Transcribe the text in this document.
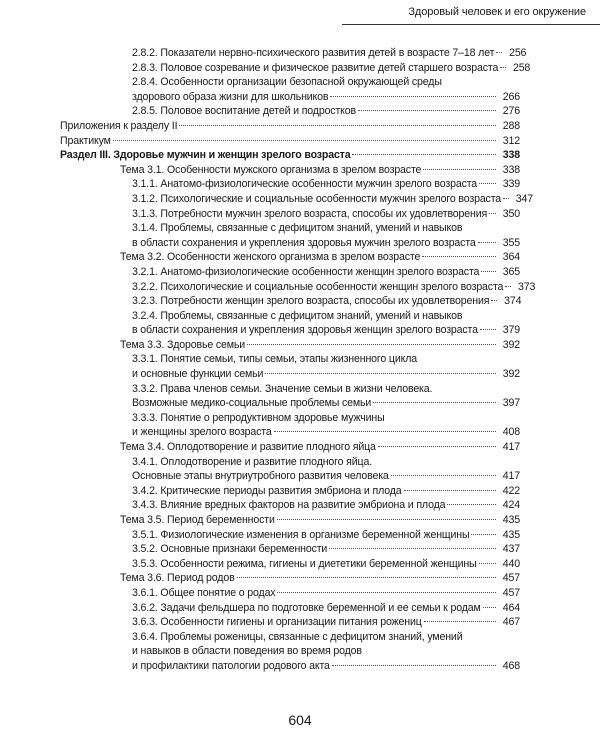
Здоровый человек и его окружение
2.8.2. Показатели нервно-психического развития детей в возрасте 7–18 лет	256
2.8.3. Половое созревание и физическое развитие детей старшего возраста	258
2.8.4. Особенности организации безопасной окружающей среды
здорового образа жизни для школьников	266
2.8.5. Половое воспитание детей и подростков	276
Приложения к разделу II	288
Практикум	312
Раздел III. Здоровье мужчин и женщин зрелого возраста	338
Тема 3.1. Особенности мужского организма в зрелом возрасте	338
3.1.1. Анатомо-физиологические особенности мужчин зрелого возраста	339
3.1.2. Психологические и социальные особенности мужчин зрелого возраста	347
3.1.3. Потребности мужчин зрелого возраста, способы их удовлетворения	350
3.1.4. Проблемы, связанные с дефицитом знаний, умений и навыков
в области сохранения и укрепления здоровья мужчин зрелого возраста	355
Тема 3.2. Особенности женского организма в зрелом возрасте	364
3.2.1. Анатомо-физиологические особенности женщин зрелого возраста	365
3.2.2. Психологические и социальные особенности женщин зрелого возраста	373
3.2.3. Потребности женщин зрелого возраста, способы их удовлетворения	374
3.2.4. Проблемы, связанные с дефицитом знаний, умений и навыков
в области сохранения и укрепления здоровья женщин зрелого возраста	379
Тема 3.3. Здоровье семьи	392
3.3.1. Понятие семьи, типы семьи, этапы жизненного цикла
и основные функции семьи	392
3.3.2. Права членов семьи. Значение семьи в жизни человека.
Возможные медико-социальные проблемы семьи	397
3.3.3. Понятие о репродуктивном здоровье мужчины
и женщины зрелого возраста	408
Тема 3.4. Оплодотворение и развитие плодного яйца	417
3.4.1. Оплодотворение и развитие плодного яйца.
Основные этапы внутриутробного развития человека	417
3.4.2. Критические периоды развития эмбриона и плода	422
3.4.3. Влияние вредных факторов на развитие эмбриона и плода	424
Тема 3.5. Период беременности	435
3.5.1. Физиологические изменения в организме беременной женщины	435
3.5.2. Основные признаки беременности	437
3.5.3. Особенности режима, гигиены и диететики беременной женщины	440
Тема 3.6. Период родов	457
3.6.1. Общее понятие о родах	457
3.6.2. Задачи фельдшера по подготовке беременной и ее семьи к родам	464
3.6.3. Особенности гигиены и организации питания рожениц	467
3.6.4. Проблемы роженицы, связанные с дефицитом знаний, умений
и навыков в области поведения во время родов
и профилактики патологии родового акта	468
604
